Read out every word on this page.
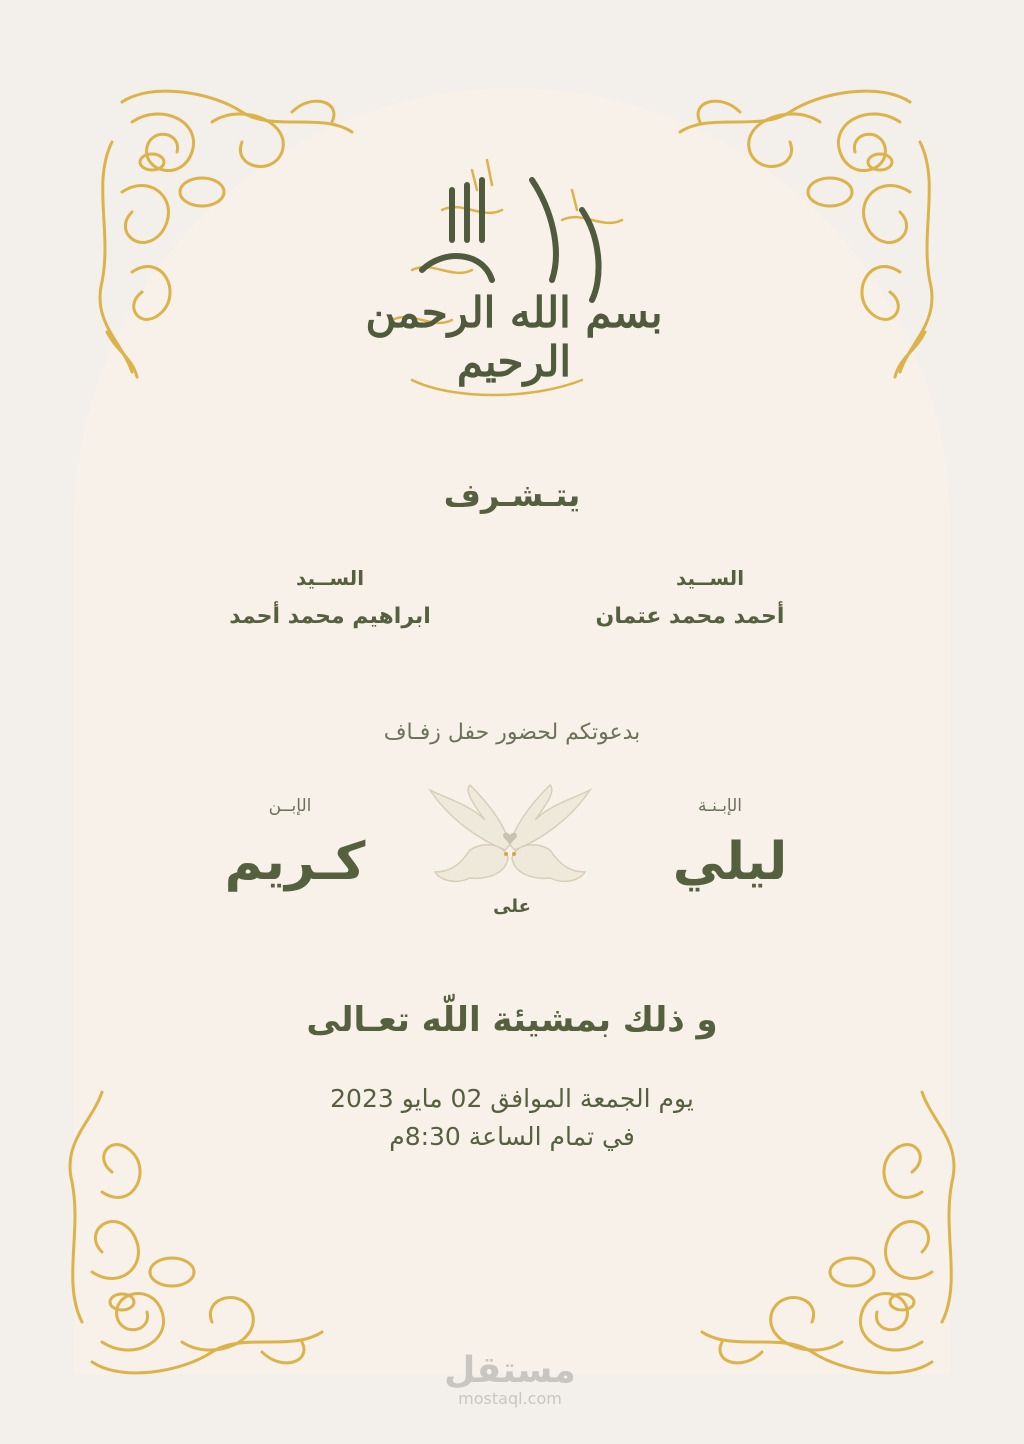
بسم الله الرحمن الرحيم
يتـشـرف
الســيد
أحمد محمد عتمان
الســيد
ابراهيم محمد أحمد
بدعوتكم لحضور حفل زفـاف
الإبـنـة
ليلي
على
الإبــن
كـريم
و ذلك بمشيئة اللّه تعـالى
يوم الجمعة الموافق 02 مايو 2023
في تمام الساعة 8:30م
مستقل
mostaql.com
